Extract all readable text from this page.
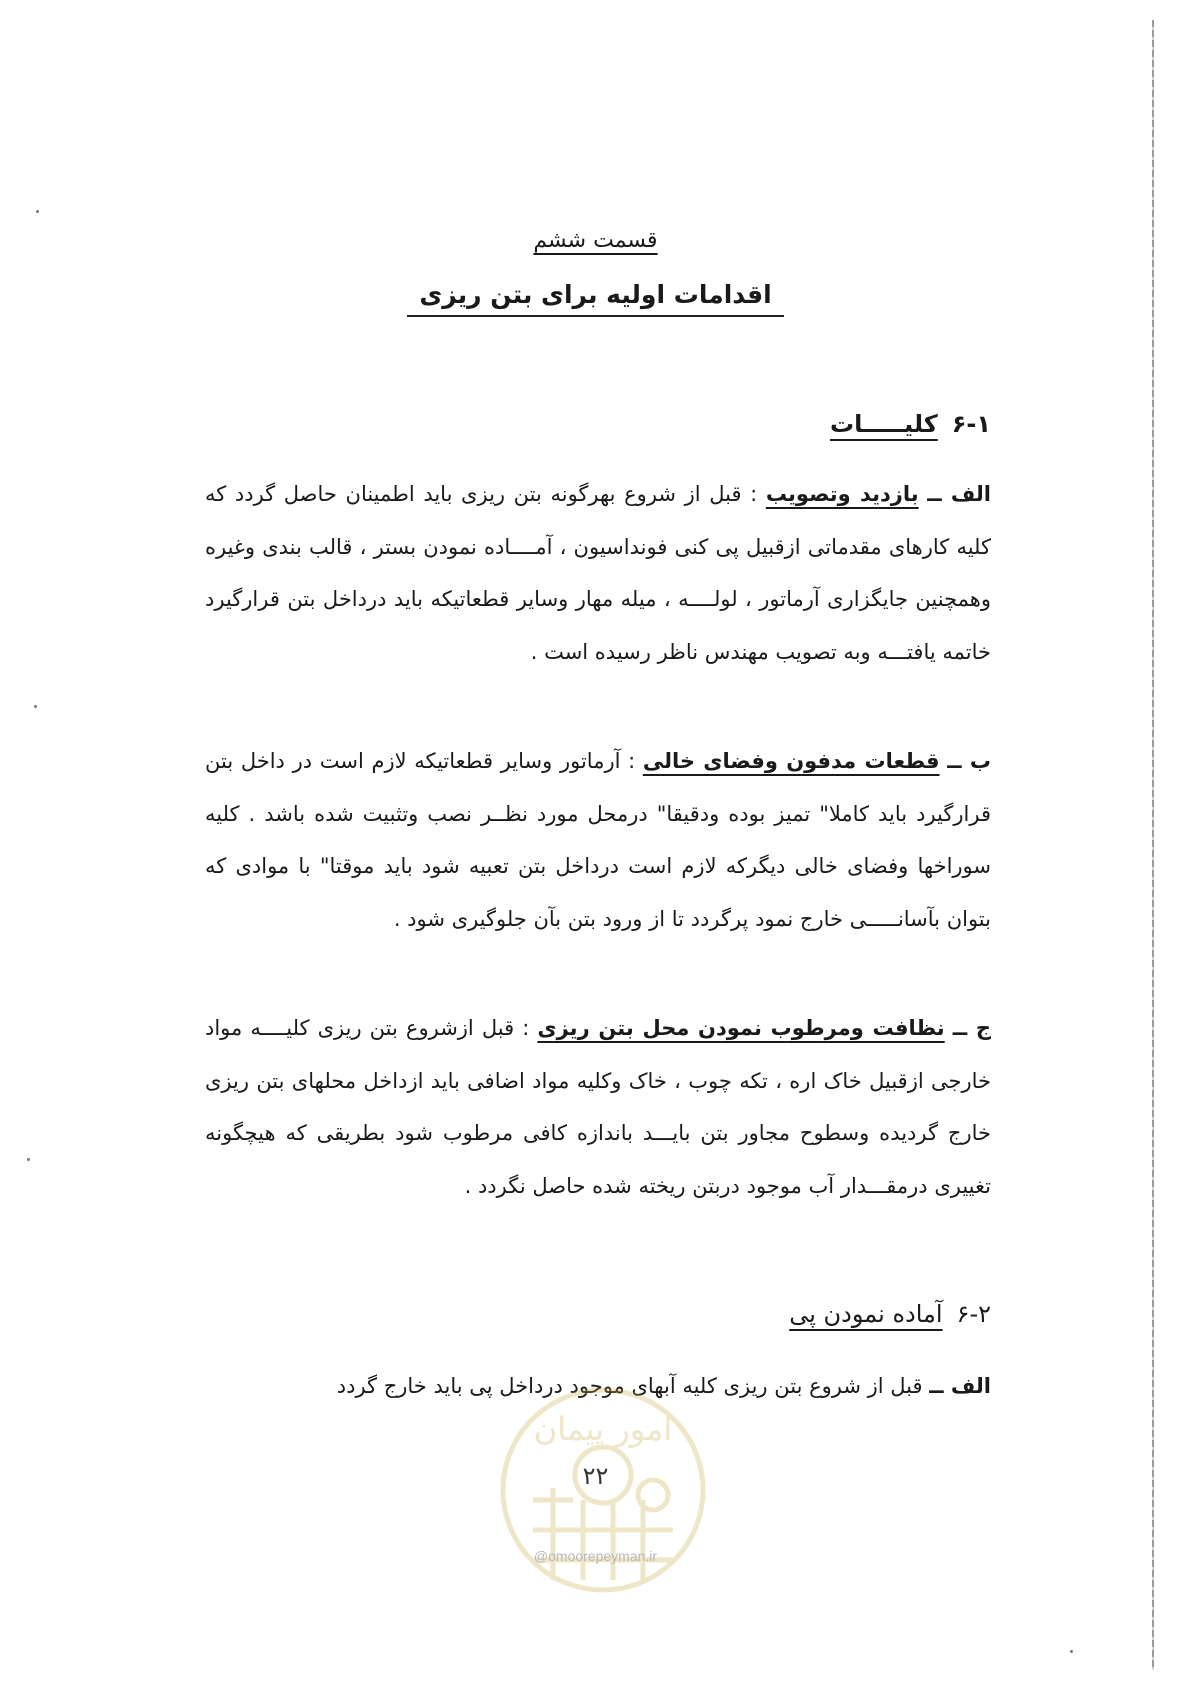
قسمت ششم
اقدامات اولیه برای بتن ریزی
۶-۱کلیـــــات
الف ــ بازدید وتصویب : قبل از شروع بهرگونه بتن ریزی باید اطمینان حاصل گردد که کلیه کارهای مقدماتی ازقبیل پی کنی فونداسیون ، آمــــاده نمودن بستر ، قالب بندی وغیره وهمچنین جایگزاری آرماتور ، لولــــه ، میله مهار وسایر قطعاتیکه باید درداخل بتن قرارگیرد خاتمه یافتـــه وبه تصویب مهندس ناظر رسیده است .
ب ــ قطعات مدفون وفضای خالی : آرماتور وسایر قطعاتیکه لازم است در داخل بتن قرارگیرد باید کاملا" تمیز بوده ودقیقا" درمحل مورد نظــر نصب وتثبیت شده باشد . کلیه سوراخها وفضای خالی دیگرکه لازم است درداخل بتن تعبیه شود باید موقتا" با موادی که بتوان بآسانـــــی خارج نمود پرگردد تا از ورود بتن بآن جلوگیری شود .
ج ــ نظافت ومرطوب نمودن محل بتن ریزی : قبل ازشروع بتن ریزی کلیــــه مواد خارجی ازقبیل خاک اره ، تکه چوب ، خاک وکلیه مواد اضافی باید ازداخل محلهای بتن ریزی خارج گردیده وسطوح مجاور بتن بایـــد باندازه کافی مرطوب شود بطریقی که هیچگونه تغییری درمقـــدار آب موجود دربتن ریخته شده حاصل نگردد .
۶-۲آماده نمودن پی
الف ــ قبل از شروع بتن ریزی کلیه آبهای موجود درداخل پی باید خارج گردد
امور پیمان
۲۲
@omoorepeyman.ir
